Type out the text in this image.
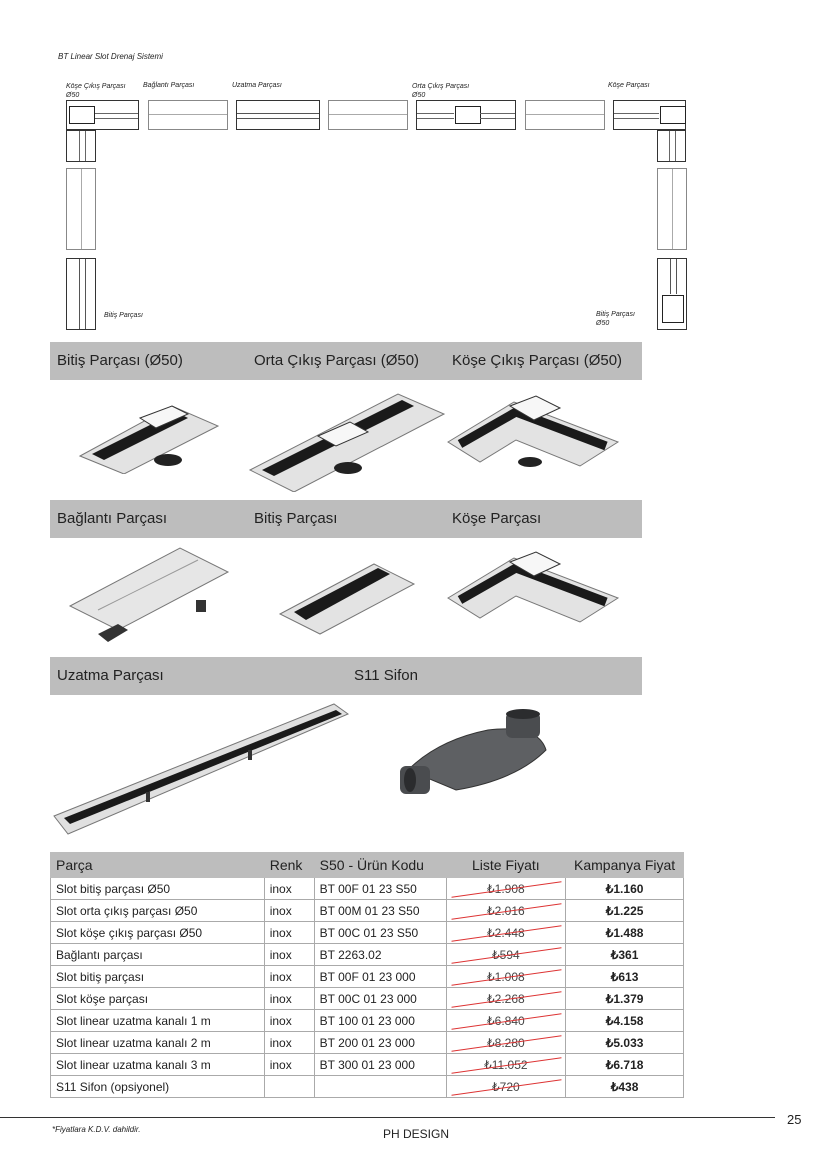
BT Linear Slot Drenaj Sistemi
Köşe Çıkış Parçası Ø50
Bağlantı Parçası	Uzatma Parçası	Orta Çıkış Parçası Ø50
Köşe Parçası
Bitiş Parçası	Bitiş Parçası Ø50
Bitiş Parçası (Ø50)	Orta Çıkış Parçası (Ø50) Köşe Çıkış Parçası (Ø50)
Bağlantı Parçası	Bitiş Parçası	Köşe Parçası
Uzatma Parçası	S11 Sifon
Parça	Renk	S50 - Ürün Kodu	Liste Fiyatı	Kampanya Fiyat
Slot bitiş parçası Ø50	inox	BT 00F 01 23 S50	₺1.908	₺1.160
Slot orta çıkış parçası Ø50	inox	BT 00M 01 23 S50	₺2.016	₺1.225
Slot köşe çıkış parçası Ø50	inox	BT 00C 01 23 S50	₺2.448	₺1.488
Bağlantı parçası	inox	BT 2263.02	₺594	₺361
Slot bitiş parçası	inox	BT 00F 01 23 000	₺1.008	₺613
Slot köşe parçası	inox	BT 00C 01 23 000	₺2.268	₺1.379
Slot linear uzatma kanalı 1 m	inox	BT 100 01 23 000	₺6.840	₺4.158
Slot linear uzatma kanalı 2 m	inox	BT 200 01 23 000	₺8.280	₺5.033
Slot linear uzatma kanalı 3 m	inox	BT 300 01 23 000	₺11.052	₺6.718
S11 Sifon (opsiyonel)			₺720	₺438
25
*Fiyatlara K.D.V. dahildir.	PH DESIGN
